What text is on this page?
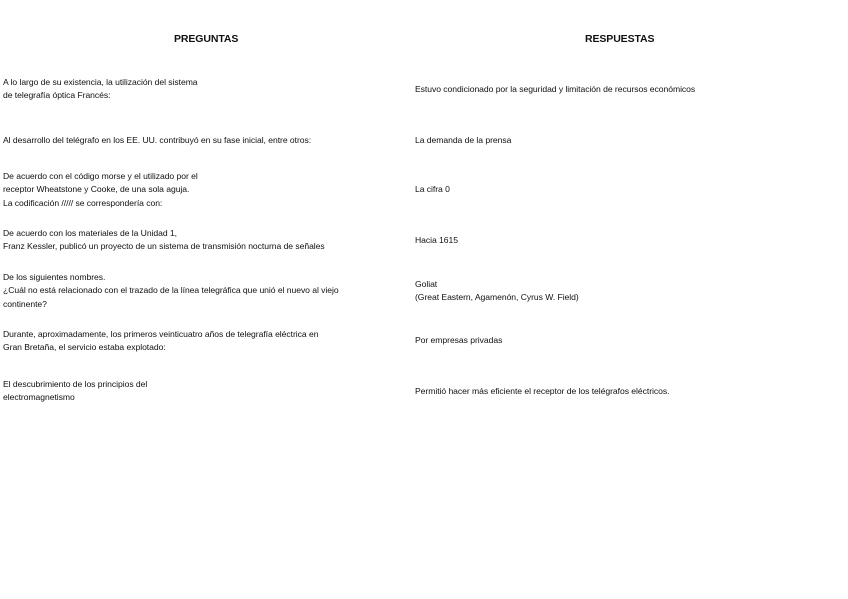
PREGUNTAS	RESPUESTAS
A lo largo de su existencia, la utilización del sistema
de telegrafía óptica Francés:
Estuvo condicionado por la seguridad y limitación de recursos económicos
Al desarrollo del telégrafo en los EE. UU. contribuyó en su fase inicial, entre otros:	La demanda de la prensa
De acuerdo con el código morse y el utilizado por el
receptor Wheatstone y Cooke, de una sola aguja.
La codificación ///// se correspondería con:
La cifra 0
De acuerdo con los materiales de la Unidad 1,
Franz Kessler, publicó un proyecto de un sistema de transmisión nocturna de señales
Hacia 1615
De los siguientes nombres.
¿Cuál no está relacionado con el trazado de la línea telegráfica que unió el nuevo al viejo
continente?
Goliat
(Great Eastern, Agamenón, Cyrus W. Field)
Durante, aproximadamente, los primeros veinticuatro años de telegrafía eléctrica en
Gran Bretaña, el servicio estaba explotado:
Por empresas privadas
El descubrimiento de los principios del
electromagnetismo
Permitió hacer más eficiente el receptor de los telégrafos eléctricos.
